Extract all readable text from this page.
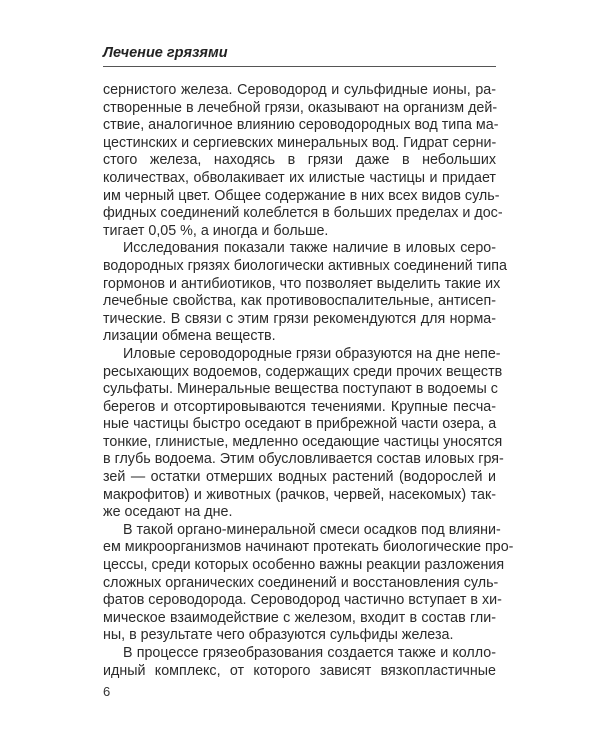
Лечение грязями
сернистого железа. Сероводород и сульфидные ионы, ра-
створенные в лечебной грязи, оказывают на организм дей-
ствие, аналогичное влиянию сероводородных вод типа ма-
цестинских и сергиевских минеральных вод. Гидрат серни-
стого железа, находясь в грязи даже в небольших
количествах, обволакивает их илистые частицы и придает
им черный цвет. Общее содержание в них всех видов суль-
фидных соединений колеблется в больших пределах и дос-
тигает 0,05 %, а иногда и больше.
Исследования показали также наличие в иловых серо-
водородных грязях биологически активных соединений типа
гормонов и антибиотиков, что позволяет выделить такие их
лечебные свойства, как противовоспалительные, антисеп-
тические. В связи с этим грязи рекомендуются для норма-
лизации обмена веществ.
Иловые сероводородные грязи образуются на дне непе-
ресыхающих водоемов, содержащих среди прочих веществ
сульфаты. Минеральные вещества поступают в водоемы с
берегов и отсортировываются течениями. Крупные песча-
ные частицы быстро оседают в прибрежной части озера, а
тонкие, глинистые, медленно оседающие частицы уносятся
в глубь водоема. Этим обусловливается состав иловых гря-
зей — остатки отмерших водных растений (водорослей и
макрофитов) и животных (рачков, червей, насекомых) так-
же оседают на дне.
В такой органо-минеральной смеси осадков под влияни-
ем микроорганизмов начинают протекать биологические про-
цессы, среди которых особенно важны реакции разложения
сложных органических соединений и восстановления суль-
фатов сероводорода. Сероводород частично вступает в хи-
мическое взаимодействие с железом, входит в состав гли-
ны, в результате чего образуются сульфиды железа.
В процессе грязеобразования создается также и колло-
идный комплекс, от которого зависят вязкопластичные
6
